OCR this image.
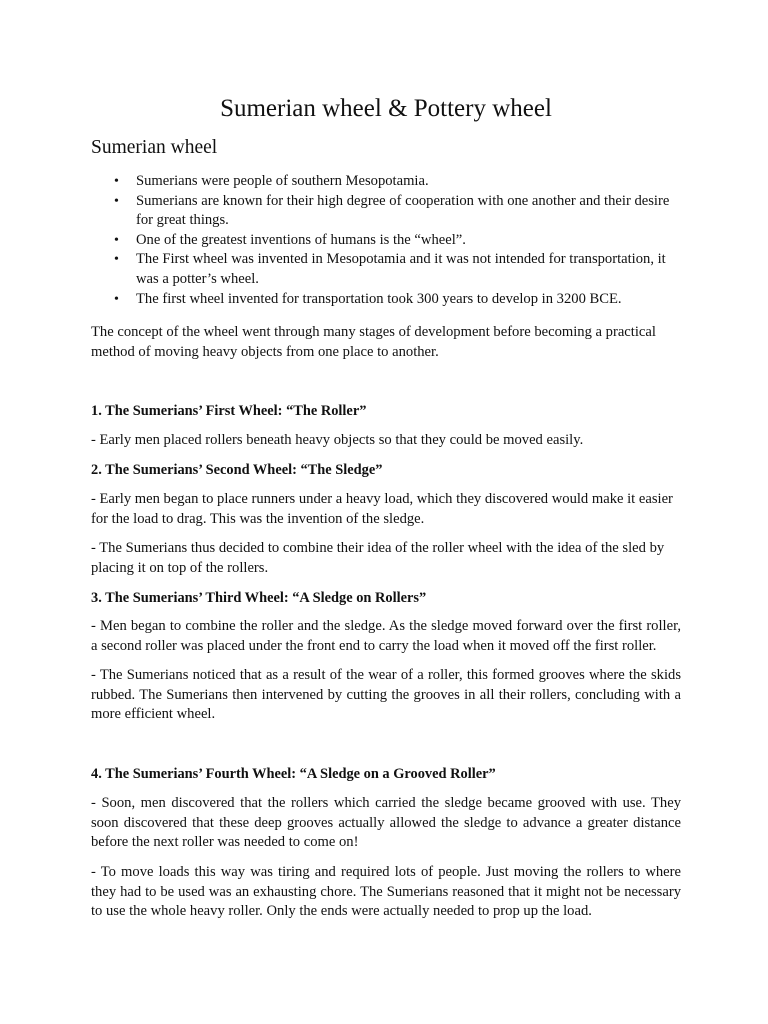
Sumerian wheel & Pottery wheel
Sumerian wheel
• Sumerians were people of southern Mesopotamia.
• Sumerians are known for their high degree of cooperation with one another and their desire for great things.
• One of the greatest inventions of humans is the “wheel”.
• The First wheel was invented in Mesopotamia and it was not intended for transportation, it was a potter’s wheel.
• The first wheel invented for transportation took 300 years to develop in 3200 BCE.

The concept of the wheel went through many stages of development before becoming a practical method of moving heavy objects from one place to another.

1. The Sumerians’ First Wheel: “The Roller”

- Early men placed rollers beneath heavy objects so that they could be moved easily.

2. The Sumerians’ Second Wheel: “The Sledge”

- Early men began to place runners under a heavy load, which they discovered would make it easier for the load to drag. This was the invention of the sledge.

- The Sumerians thus decided to combine their idea of the roller wheel with the idea of the sled by placing it on top of the rollers.

3. The Sumerians’ Third Wheel: “A Sledge on Rollers”

- Men began to combine the roller and the sledge. As the sledge moved forward over the first roller, a second roller was placed under the front end to carry the load when it moved off the first roller.

- The Sumerians noticed that as a result of the wear of a roller, this formed grooves where the skids rubbed. The Sumerians then intervened by cutting the grooves in all their rollers, concluding with a more efficient wheel.

4. The Sumerians’ Fourth Wheel: “A Sledge on a Grooved Roller”

- Soon, men discovered that the rollers which carried the sledge became grooved with use. They soon discovered that these deep grooves actually allowed the sledge to advance a greater distance before the next roller was needed to come on!

- To move loads this way was tiring and required lots of people. Just moving the rollers to where they had to be used was an exhausting chore. The Sumerians reasoned that it might not be necessary to use the whole heavy roller. Only the ends were actually needed to prop up the load.
